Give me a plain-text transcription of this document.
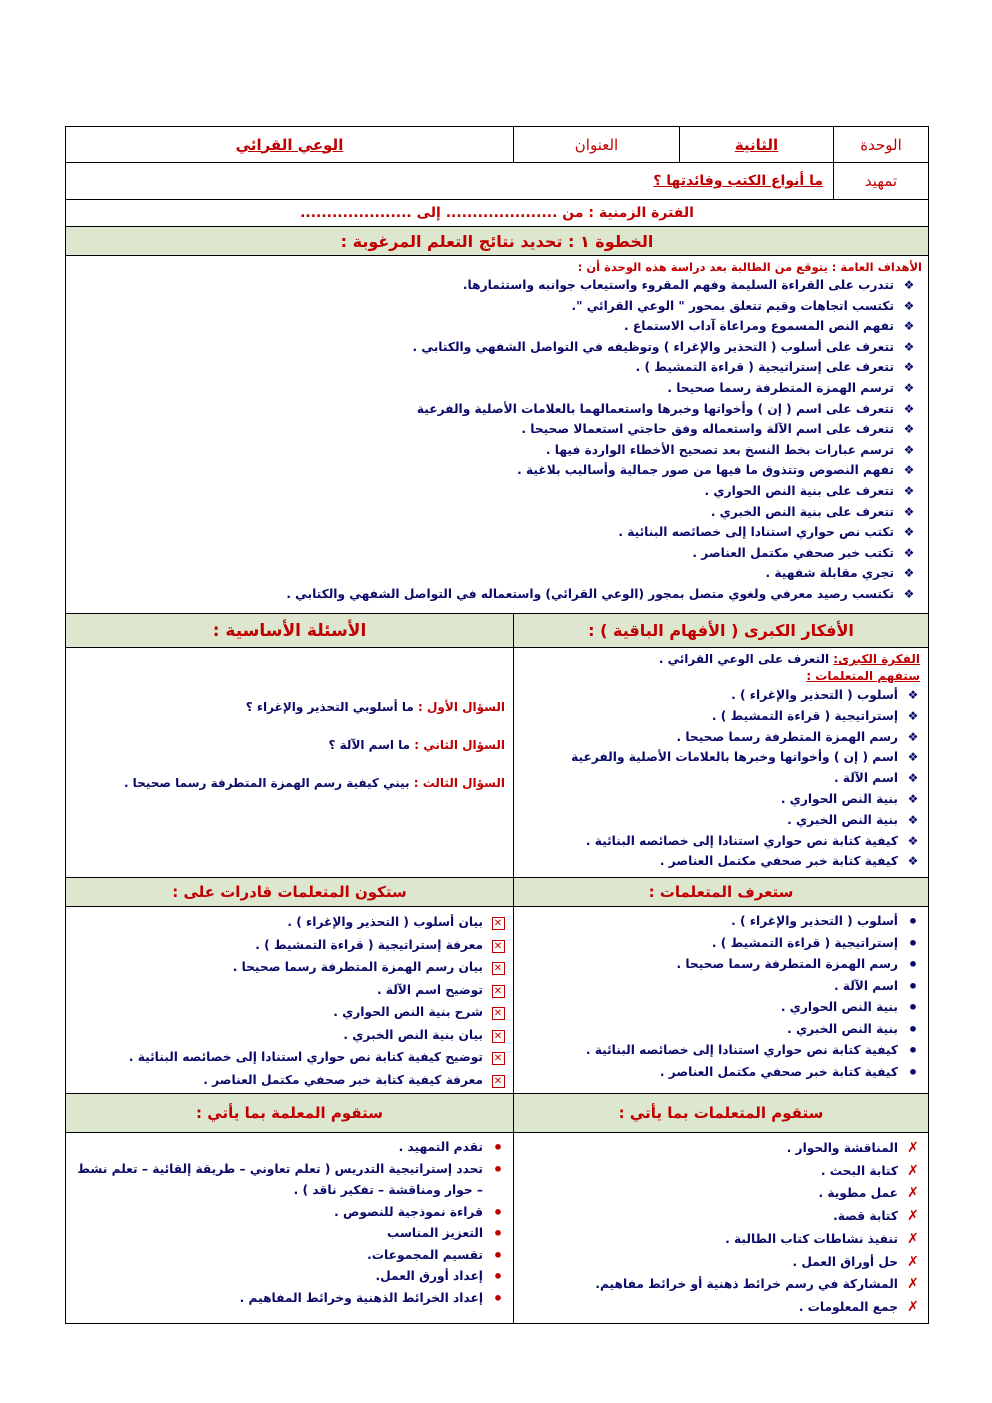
الوحدة
الثانية
العنوان
الوعي القرائي
تمهيد
ما أنواع الكتب وفائدتها ؟
الفترة الزمنية : من ..................... إلى .....................
الخطوة ١ : تحديد نتائج التعلم المرغوبة :
الأهداف العامة : يتوقع من الطالبة بعد دراسة هذه الوحدة أن :
❖
تتدرب على القراءة السليمة وفهم المقروء واستيعاب جوانبه واستثمارها.
❖
تكتسب اتجاهات وقيم تتعلق بمحور " الوعي القرائي ".
❖
تفهم النص المسموع ومراعاة آداب الاستماع .
❖
تتعرف على أسلوب ( التحذير والإغراء ) وتوظيفه في التواصل الشفهي والكتابي .
❖
تتعرف على إستراتيجية ( قراءة التمشيط ) .
❖
ترسم الهمزة المتطرفة رسما صحيحا .
❖
تتعرف على اسم ( إن ) وأخواتها وخبرها واستعمالهما بالعلامات الأصلية والفرعية
❖
تتعرف على اسم الآلة واستعماله وفق حاجتي استعمالا صحيحا .
❖
ترسم عبارات بخط النسخ بعد تصحيح الأخطاء الواردة فيها .
❖
تفهم النصوص وتتذوق ما فيها من صور جمالية وأساليب بلاغية .
❖
تتعرف على بنية النص الحواري .
❖
تتعرف على بنية النص الخبري .
❖
تكتب نص حواري استنادا إلى خصائصه البنائية .
❖
تكتب خبر صحفي مكتمل العناصر .
❖
تجري مقابلة شفهية .
❖
تكتسب رصيد معرفي ولغوي متصل بمجور (الوعي القرائي) واستعماله في التواصل الشفهي والكتابي .
الأفكار الكبرى ( الأفهام الباقية ) :
الأسئلة الأساسية :
الفكرة الكبرى: التعرف على الوعي القرائي .
ستفهم المتعلمات :
❖
أسلوب ( التحذير والإغراء ) .
❖
إستراتيجية ( قراءة التمشيط ) .
❖
رسم الهمزة المتطرفة رسما صحيحا .
❖
اسم ( إن ) وأخواتها وخبرها بالعلامات الأصلية والفرعية
❖
اسم الآلة .
❖
بنية النص الحواري .
❖
بنية النص الخبري .
❖
كيفية كتابة نص حواري استنادا إلى خصائصه البنائية .
❖
كيفية كتابة خبر صحفي مكتمل العناصر .
السؤال الأول : ما أسلوبي التحذير والإغراء ؟
السؤال الثاني : ما اسم الآلة ؟
السؤال الثالث : بيني كيفية رسم الهمزة المتطرفة رسما صحيحا .
ستعرف المتعلمات :
ستكون المتعلمات قادرات على :
•
أسلوب ( التحذير والإغراء ) .
•
إستراتيجية ( قراءة التمشيط ) .
•
رسم الهمزة المتطرفة رسما صحيحا .
•
اسم الآلة .
•
بنية النص الحواري .
•
بنية النص الخبري .
•
كيفية كتابة نص حواري استنادا إلى خصائصه البنائية .
•
كيفية كتابة خبر صحفي مكتمل العناصر .
✕
بيان أسلوب ( التحذير والإغراء ) .
✕
معرفة إستراتيجية ( قراءة التمشيط ) .
✕
بيان رسم الهمزة المتطرفة رسما صحيحا .
✕
توضيح اسم الآلة .
✕
شرح بنية النص الحواري .
✕
بيان بنية النص الخبري .
✕
توضيح كيفية كتابة نص حواري استنادا إلى خصائصه البنائية .
✕
معرفة كيفية كتابة خبر صحفي مكتمل العناصر .
ستقوم المتعلمات بما يأتي :
ستقوم المعلمة بما يأتي :
✗
المناقشة والحوار .
✗
كتابة البحث .
✗
عمل مطوية .
✗
كتابة قصة.
✗
تنفيذ نشاطات كتاب الطالبة .
✗
حل أوراق العمل .
✗
المشاركة في رسم خرائط ذهنية أو خرائط مفاهيم.
✗
جمع المعلومات .
•
تقدم التمهيد .
•
تحدد إستراتيجية التدريس ( تعلم تعاوني – طريقة إلقائية – تعلم نشط – حوار ومناقشة – تفكير ناقد ) .
•
قراءة نموذجية للنصوص .
•
التعزيز المناسب
•
تقسيم المجموعات.
•
إعداد أورق العمل.
•
إعداد الخرائط الذهنية وخرائط المفاهيم .
